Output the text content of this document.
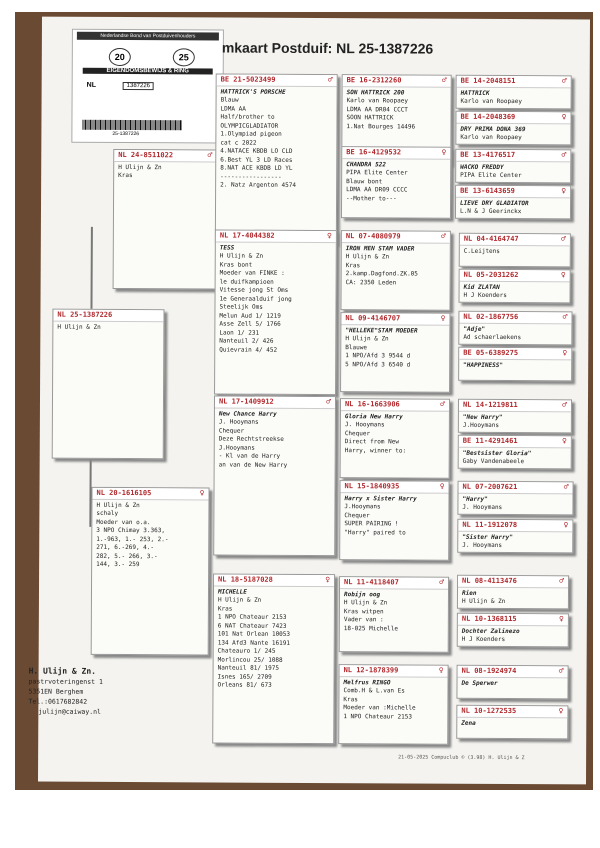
Nederlandse Bond van Postduivenhouders
20	25
EIGENDOMSBEWIJS & RING
NL	1387226
25-1387226
mkaart Postduif: NL 25-1387226
NL 24-8511022	♂
H Ulijn & Zn
Kras
NL 25-1387226
H Ulijn & Zn
NL 20-1616105	♀
H Ulijn & Zn
schaly
Moeder van o.a.
3 NPO Chimay 3.363,
1.-963, 1.- 253, 2.-
271, 6.-269, 4.-
282, 5.- 266, 3.-
144, 3.- 259
BE 21-5023499	♂
HATTRICK'S PORSCHE
Blauw
LDMA AA
Half/brother to
OLYMPICGLADIATOR
1.Olympiad pigeon
cat c 2022
4.NATACE KBDB LO CLD
6.Best YL 3 LD Races
8.NAT ACE KBDB LD YL
-----------------
2. Natz Argenton 4574
NL 17-4044382	♀
TESS
H Ulijn & Zn
Kras bont
Moeder van FINKE :
le duifkampioen
Vitesse jong St Oms
1e Generaalduif jong
Steelijk Oms
Melun Aud 1/ 1219
Asse Zell 5/ 1766
Laon 1/ 231
Nanteuil 2/ 426
Quievrain 4/ 452
NL 17-1409912	♂
New Chance Harry
J. Hooymans
Chequer
Deze Rechtstreekse
J.Hooymans
- Kl van de Harry
an van de New Harry
NL 18-5187028	♀
MICHELLE
H Ulijn & Zn
Kras
1 NPO Chateaur 2153
6 NAT Chateaur 7423
101 Nat Orlean 10053
134 Afd3 Nante 16191
Chateauro 1/ 245
Morlincou 25/ 1088
Nanteuil 81/ 1975
Isnes 165/ 2709
Orleans 81/ 673
BE 16-2312260	♂
SON HATTRICK 200
Karlo van Roopaey
LDMA AA DR04 CCCT
SOON HATTRICK
1.Nat Bourges 14496
BE 16-4129532	♀
CHANDRA 522
PIPA Elite Center
Blauw bont
LDMA AA DR09 CCCC
--Mother to---
NL 07-4080979	♂
IRON MEN STAM VADER
H Ulijn & Zn
Kras
2.kamp.Dagfond.ZK.05
CA: 2350 Leden
NL 09-4146707	♀
"HELLEKE"STAM MOEDER
H Ulijn & Zn
Blauwe
1 NPO/Afd 3 9544 d
5 NPO/Afd 3 6540 d
NL 16-1663906	♂
Gloria New Harry
J. Hooymans
Chequer
Direct from New
Harry, winner to:
NL 15-1840935	♀
Harry x Sister Harry
J.Hooymans
Chequer
SUPER PAIRING !
"Harry" paired to
NL 11-4118407	♂
Robijn oog
H Ulijn & Zn
Kras witpen
Vader van :
18-025 Michelle
NL 12-1878399	♀
Melfrus RINGO
Comb.H & L.van Es
Kras
Moeder van :Michelle
1 NPO Chateaur 2153
BE 14-2048151	♂
HATTRICK
Karlo van Roopaey
BE 14-2048369	♀
DRY PRIMA DONA 369
Karlo van Roopaey
BE 13-4176517	♂
WACKO FREDDY
PIPA Elite Center
BE 13-6143659	♀
LIEVE DRY GLADIATOR
L.N & J Geerinckx
NL 04-4164747	♂
C.Leijtens
NL 05-2031262	♀
Kid ZLATAN
H J Koenders
NL 02-1867756	♂
"Adje"
Ad schaerlaekens
BE 05-6389275	♀
"HAPPINESS"
NL 14-1219811	♂
"New Harry"
J.Hooymans
BE 11-4291461	♀
"Bestsister Gloria"
Gaby Vandenabeele
NL 07-2007621	♂
"Harry"
J. Hooymans
NL 11-1912078	♀
"Sister Harry"
J. Hooymans
NL 08-4113476	♂
Rien
H Ulijn & Zn
NL 10-1368115	♀
Dochter Zalinezo
H J Koenders
NL 08-1924974	♂
De Sperwer
NL 10-1272535	♀
Zena
H. Ulijn & Zn.
pastrvoteringenst 1
5351EN Berghem
Tel.:0617682842
julijn@caiway.nl
21-05-2025 Compuclub © (3.98) H. Ulijn & Z
